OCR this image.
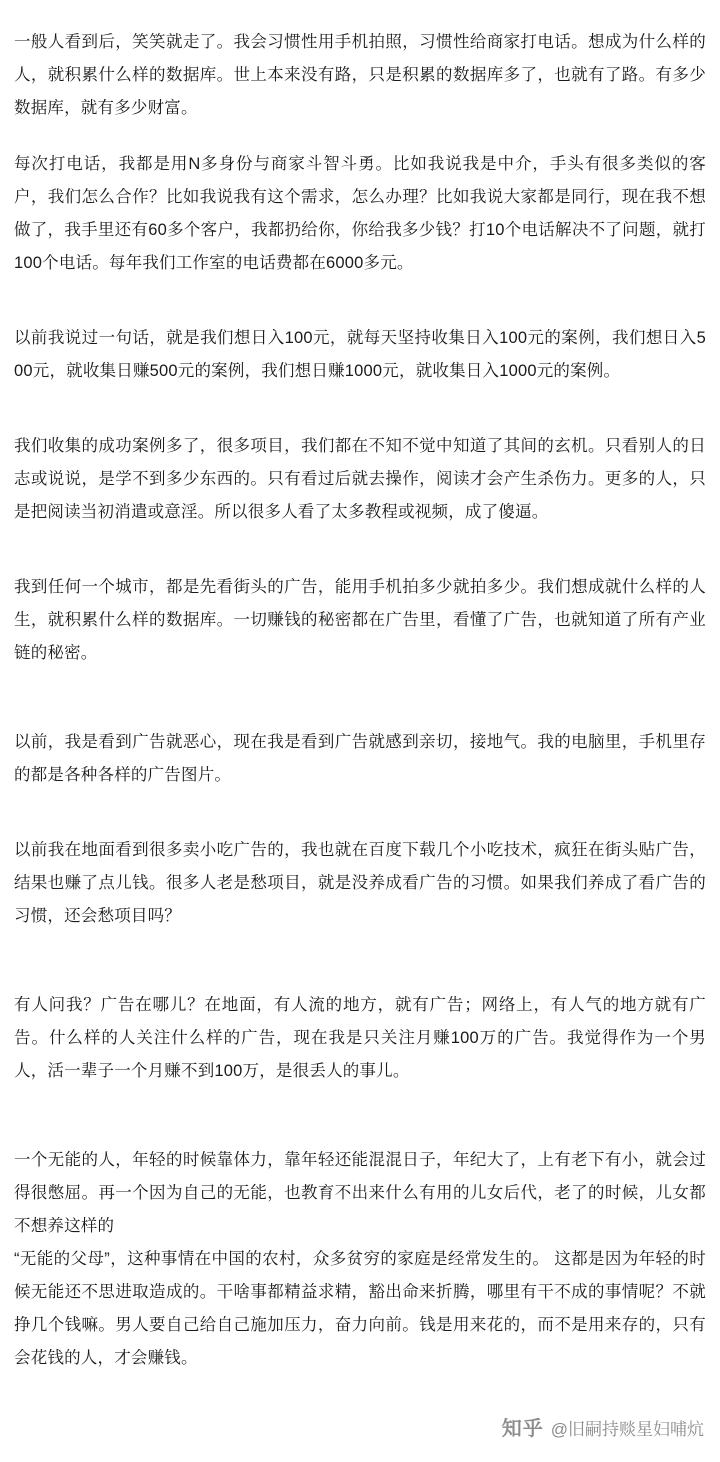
一般人看到后，笑笑就走了。我会习惯性用手机拍照，习惯性给商家打电话。想成为什么样的人，就积累什么样的数据库。世上本来没有路，只是积累的数据库多了，也就有了路。有多少数据库，就有多少财富。

每次打电话，我都是用N多身份与商家斗智斗勇。比如我说我是中介，手头有很多类似的客户，我们怎么合作？比如我说我有这个需求，怎么办理？比如我说大家都是同行，现在我不想做了，我手里还有60多个客户，我都扔给你，你给我多少钱？打10个电话解决不了问题，就打100个电话。每年我们工作室的电话费都在6000多元。

以前我说过一句话，就是我们想日入100元，就每天坚持收集日入100元的案例，我们想日入500元，就收集日赚500元的案例，我们想日赚1000元，就收集日入1000元的案例。

我们收集的成功案例多了，很多项目，我们都在不知不觉中知道了其间的玄机。只看别人的日志或说说，是学不到多少东西的。只有看过后就去操作，阅读才会产生杀伤力。更多的人，只是把阅读当初消遣或意淫。所以很多人看了太多教程或视频，成了傻逼。

我到任何一个城市，都是先看街头的广告，能用手机拍多少就拍多少。我们想成就什么样的人生，就积累什么样的数据库。一切赚钱的秘密都在广告里，看懂了广告，也就知道了所有产业链的秘密。

以前，我是看到广告就恶心，现在我是看到广告就感到亲切，接地气。我的电脑里，手机里存的都是各种各样的广告图片。

以前我在地面看到很多卖小吃广告的，我也就在百度下载几个小吃技术，疯狂在街头贴广告，结果也赚了点儿钱。很多人老是愁项目，就是没养成看广告的习惯。如果我们养成了看广告的习惯，还会愁项目吗？

有人问我？广告在哪儿？在地面，有人流的地方，就有广告；网络上，有人气的地方就有广告。什么样的人关注什么样的广告，现在我是只关注月赚100万的广告。我觉得作为一个男人，活一辈子一个月赚不到100万，是很丢人的事儿。

一个无能的人，年轻的时候靠体力，靠年轻还能混混日子，年纪大了，上有老下有小，就会过得很憋屈。再一个因为自己的无能，也教育不出来什么有用的儿女后代，老了的时候，儿女都不想养这样的

“无能的父母”，这种事情在中国的农村，众多贫穷的家庭是经常发生的。 这都是因为年轻的时候无能还不思进取造成的。干啥事都精益求精，豁出命来折腾，哪里有干不成的事情呢？不就挣几个钱嘛。男人要自己给自己施加压力，奋力向前。钱是用来花的，而不是用来存的，只有会花钱的人，才会赚钱。

知乎 @旧嗣持赕星妇哺炕
